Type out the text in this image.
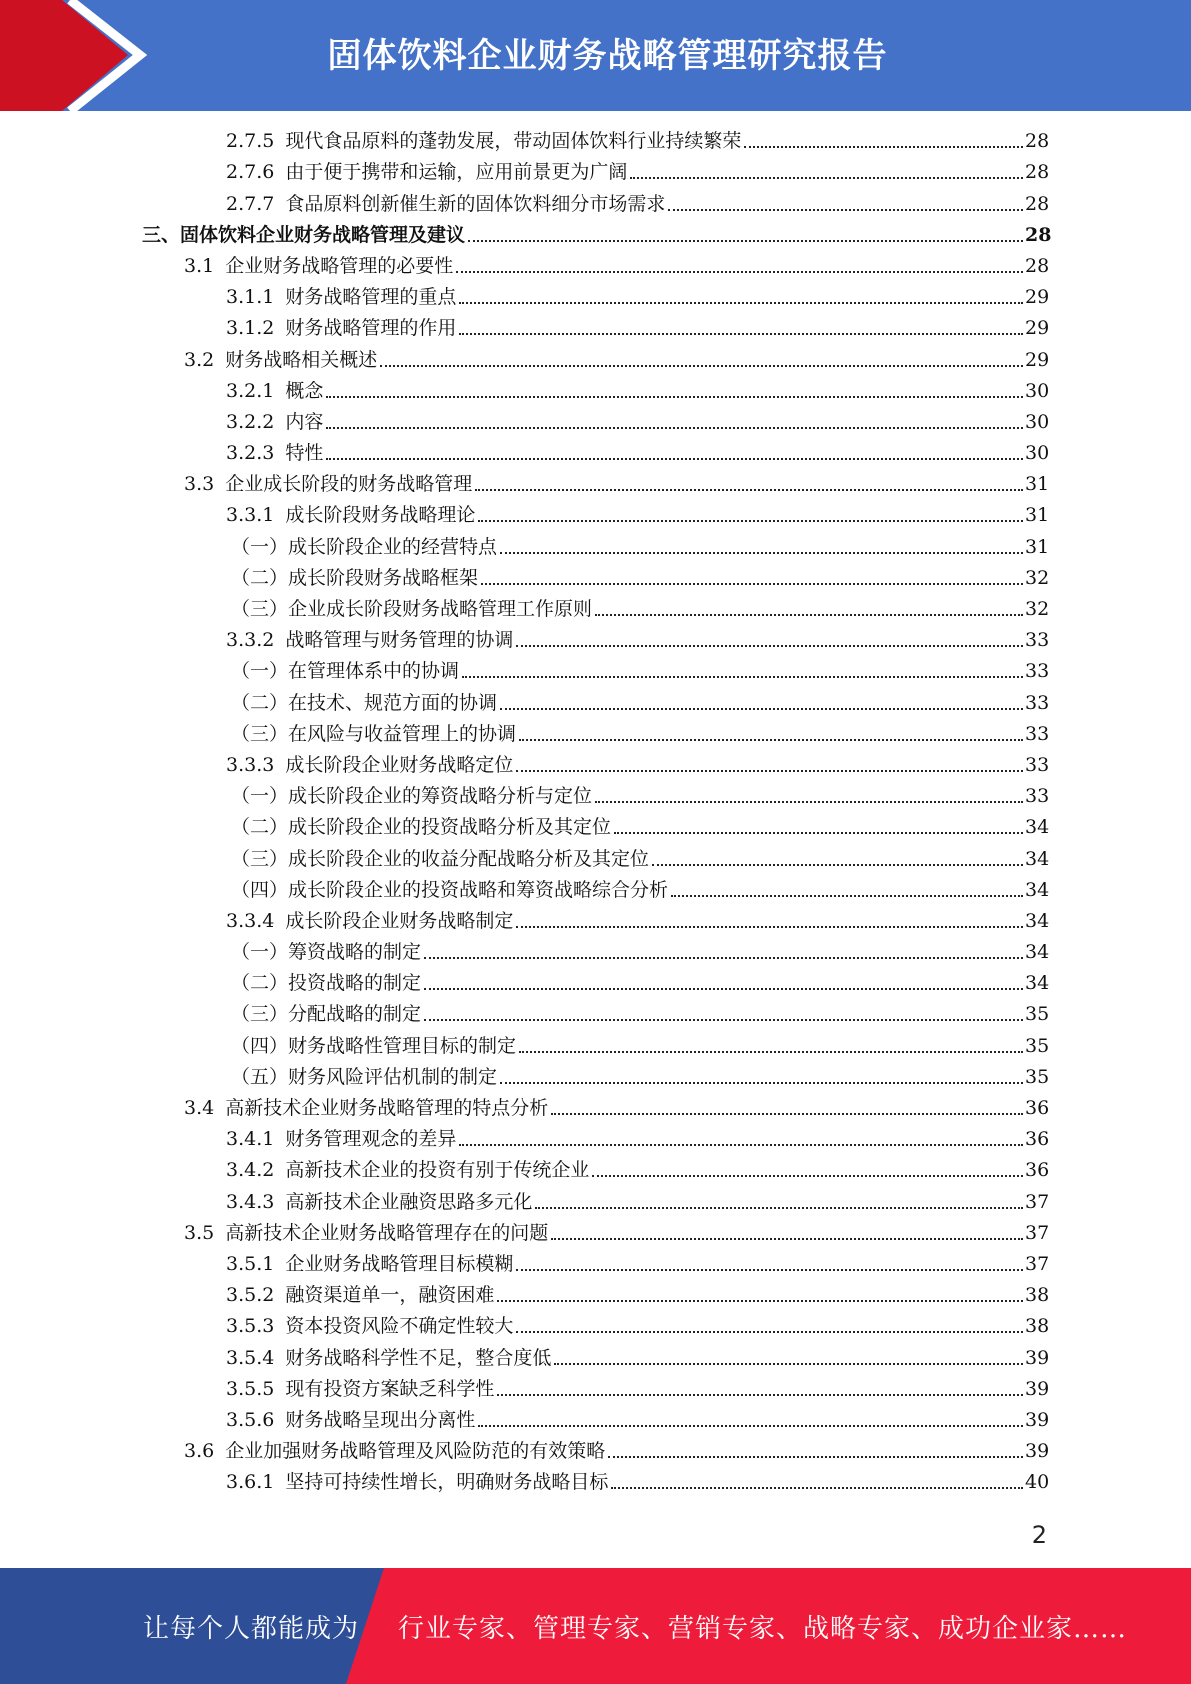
固体饮料企业财务战略管理研究报告
2.7.5 现代食品原料的蓬勃发展，带动固体饮料行业持续繁荣	28
2.7.6 由于便于携带和运输，应用前景更为广阔	28
2.7.7 食品原料创新催生新的固体饮料细分市场需求	28
三、固体饮料企业财务战略管理及建议	28
3.1 企业财务战略管理的必要性	28
3.1.1 财务战略管理的重点	29
3.1.2 财务战略管理的作用	29
3.2 财务战略相关概述	29
3.2.1 概念	30
3.2.2 内容	30
3.2.3 特性	30
3.3 企业成长阶段的财务战略管理	31
3.3.1 成长阶段财务战略理论	31
（一）成长阶段企业的经营特点	31
（二）成长阶段财务战略框架	32
（三）企业成长阶段财务战略管理工作原则	32
3.3.2 战略管理与财务管理的协调	33
（一）在管理体系中的协调	33
（二）在技术、规范方面的协调	33
（三）在风险与收益管理上的协调	33
3.3.3 成长阶段企业财务战略定位	33
（一）成长阶段企业的筹资战略分析与定位	33
（二）成长阶段企业的投资战略分析及其定位	34
（三）成长阶段企业的收益分配战略分析及其定位	34
（四）成长阶段企业的投资战略和筹资战略综合分析	34
3.3.4 成长阶段企业财务战略制定	34
（一）筹资战略的制定	34
（二）投资战略的制定	34
（三）分配战略的制定	35
（四）财务战略性管理目标的制定	35
（五）财务风险评估机制的制定	35
3.4 高新技术企业财务战略管理的特点分析	36
3.4.1 财务管理观念的差异	36
3.4.2 高新技术企业的投资有别于传统企业	36
3.4.3 高新技术企业融资思路多元化	37
3.5 高新技术企业财务战略管理存在的问题	37
3.5.1 企业财务战略管理目标模糊	37
3.5.2 融资渠道单一，融资困难	38
3.5.3 资本投资风险不确定性较大	38
3.5.4 财务战略科学性不足，整合度低	39
3.5.5 现有投资方案缺乏科学性	39
3.5.6 财务战略呈现出分离性	39
3.6 企业加强财务战略管理及风险防范的有效策略	39
3.6.1 坚持可持续性增长，明确财务战略目标	40
2
让每个人都能成为 行业专家、管理专家、营销专家、战略专家、成功企业家……
